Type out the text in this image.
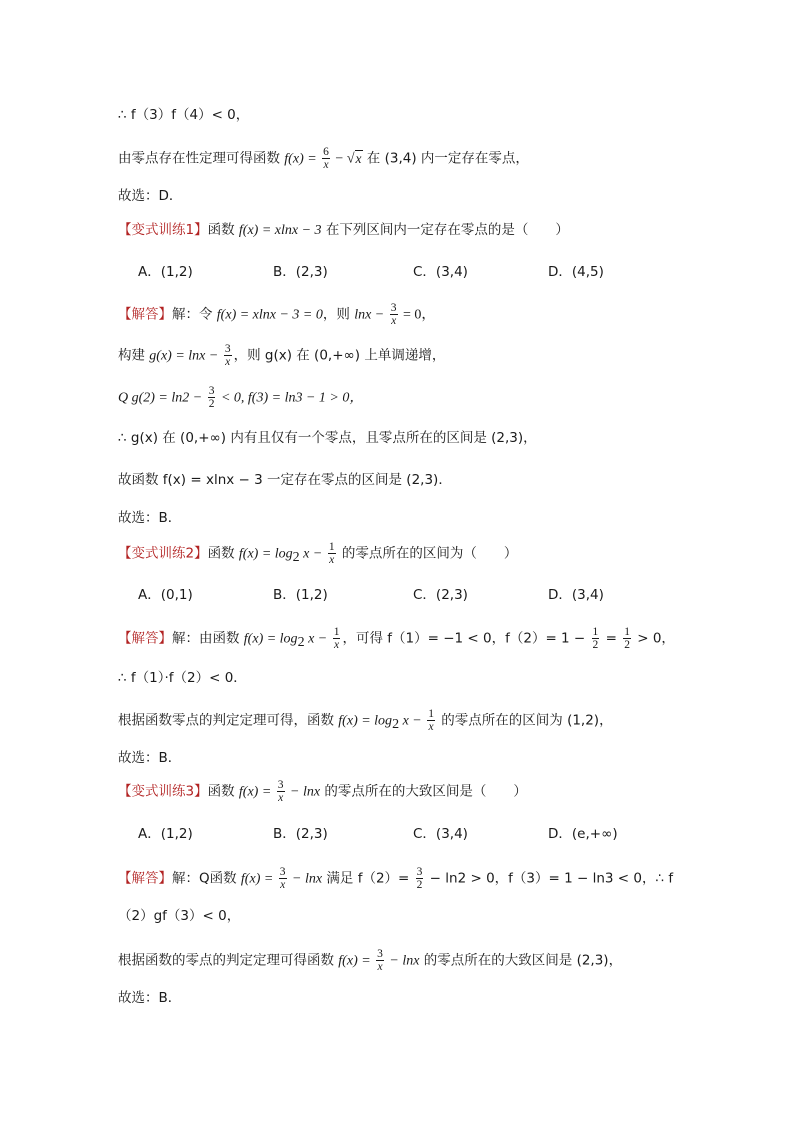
∴ f（3）f（4）< 0，
由零点存在性定理可得函数 $f(x) = \frac{6}{x} - √x$ 在 (3,4) 内一定存在零点，
故选：D．
【变式训练1】函数 f(x) = xlnx − 3 在下列区间内一定存在零点的是（　　）
A．(1,2)	B．(2,3)	C．(3,4)	D．(4,5)
【解答】解：令 f(x) = xlnx − 3 = 0，则 $\ln x - \frac{3}{x} = 0$，
构建 $g(x) = \ln x - \frac{3}{x}$ ，则 g(x) 在 (0,+∞) 上单调递增，
Q $g(2) = \ln 2 - \frac{3}{2} < 0$, f(3) = ln3 − 1 > 0，
∴ g(x) 在 (0,+∞) 内有且仅有一个零点，且零点所在的区间是 (2,3)，
故函数 f(x) = xlnx − 3 一定存在零点的区间是 (2,3)．
故选：B．
【变式训练2】函数 $f(x) = \log_2 x - \frac{1}{x}$ 的零点所在的区间为（　　）
A．(0,1)	B．(1,2)	C．(2,3)	D．(3,4)
【解答】解：由函数 $f(x) = \log_2 x - \frac{1}{x}$ ，可得 f（1）= −1 < 0，$f(2)= 1 - \frac{1}{2} = \frac{1}{2} > 0$，
∴ f（1）·f（2）< 0．
根据函数零点的判定定理可得，函数 $f(x) = \log_2 x - \frac{1}{x}$ 的零点所在的区间为 (1,2)，
故选：B．
【变式训练3】函数 $f(x) = \frac{3}{x} - \ln x$ 的零点所在的大致区间是（　　）
A．(1,2)	B．(2,3)	C．(3,4)	D．(e,+∞)
【解答】解：Q函数 $f(x) = \frac{3}{x} - \ln x$ 满足 $f(2)= \frac{3}{2} - \ln 2 > 0$，f（3）= 1 − ln3 < 0，∴ f
（2）gf（3）< 0，
根据函数的零点的判定定理可得函数 $f(x) = \frac{3}{x} - \ln x$ 的零点所在的大致区间是 (2,3)，
故选：B．
